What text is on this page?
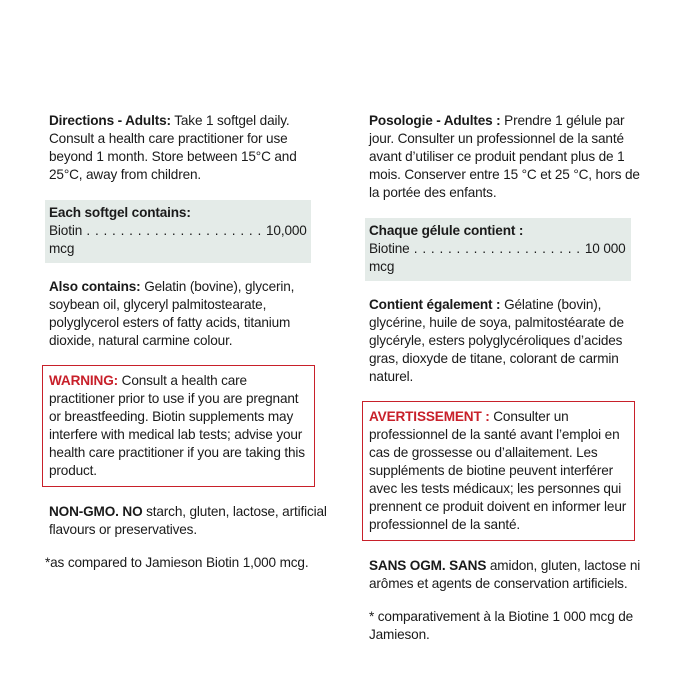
Directions - Adults: Take 1 softgel daily. Consult a health care practitioner for use beyond 1 month. Store between 15°C and 25°C, away from children.

Each softgel contains:
Biotin . . . . . . . . . . . . . . . . . . . . . 10,000 mcg

Also contains: Gelatin (bovine), glycerin, soybean oil, glyceryl palmitostearate, polyglycerol esters of fatty acids, titanium dioxide, natural carmine colour.

WARNING: Consult a health care practitioner prior to use if you are pregnant or breastfeeding. Biotin supplements may interfere with medical lab tests; advise your health care practitioner if you are taking this product.

NON-GMO. NO starch, gluten, lactose, artificial flavours or preservatives.

*as compared to Jamieson Biotin 1,000 mcg.

Posologie - Adultes : Prendre 1 gélule par jour. Consulter un professionnel de la santé avant d’utiliser ce produit pendant plus de 1 mois. Conserver entre 15 °C et 25 °C, hors de la portée des enfants.

Chaque gélule contient :
Biotine . . . . . . . . . . . . . . . . . . . . 10 000 mcg

Contient également : Gélatine (bovin), glycérine, huile de soya, palmitostéarate de glycéryle, esters polyglycéroliques d’acides gras, dioxyde de titane, colorant de carmin naturel.

AVERTISSEMENT : Consulter un professionnel de la santé avant l’emploi en cas de grossesse ou d’allaitement. Les suppléments de biotine peuvent interférer avec les tests médicaux; les personnes qui prennent ce produit doivent en informer leur professionnel de la santé.

SANS OGM. SANS amidon, gluten, lactose ni arômes et agents de conservation artificiels.

* comparativement à la Biotine 1 000 mcg de Jamieson.
